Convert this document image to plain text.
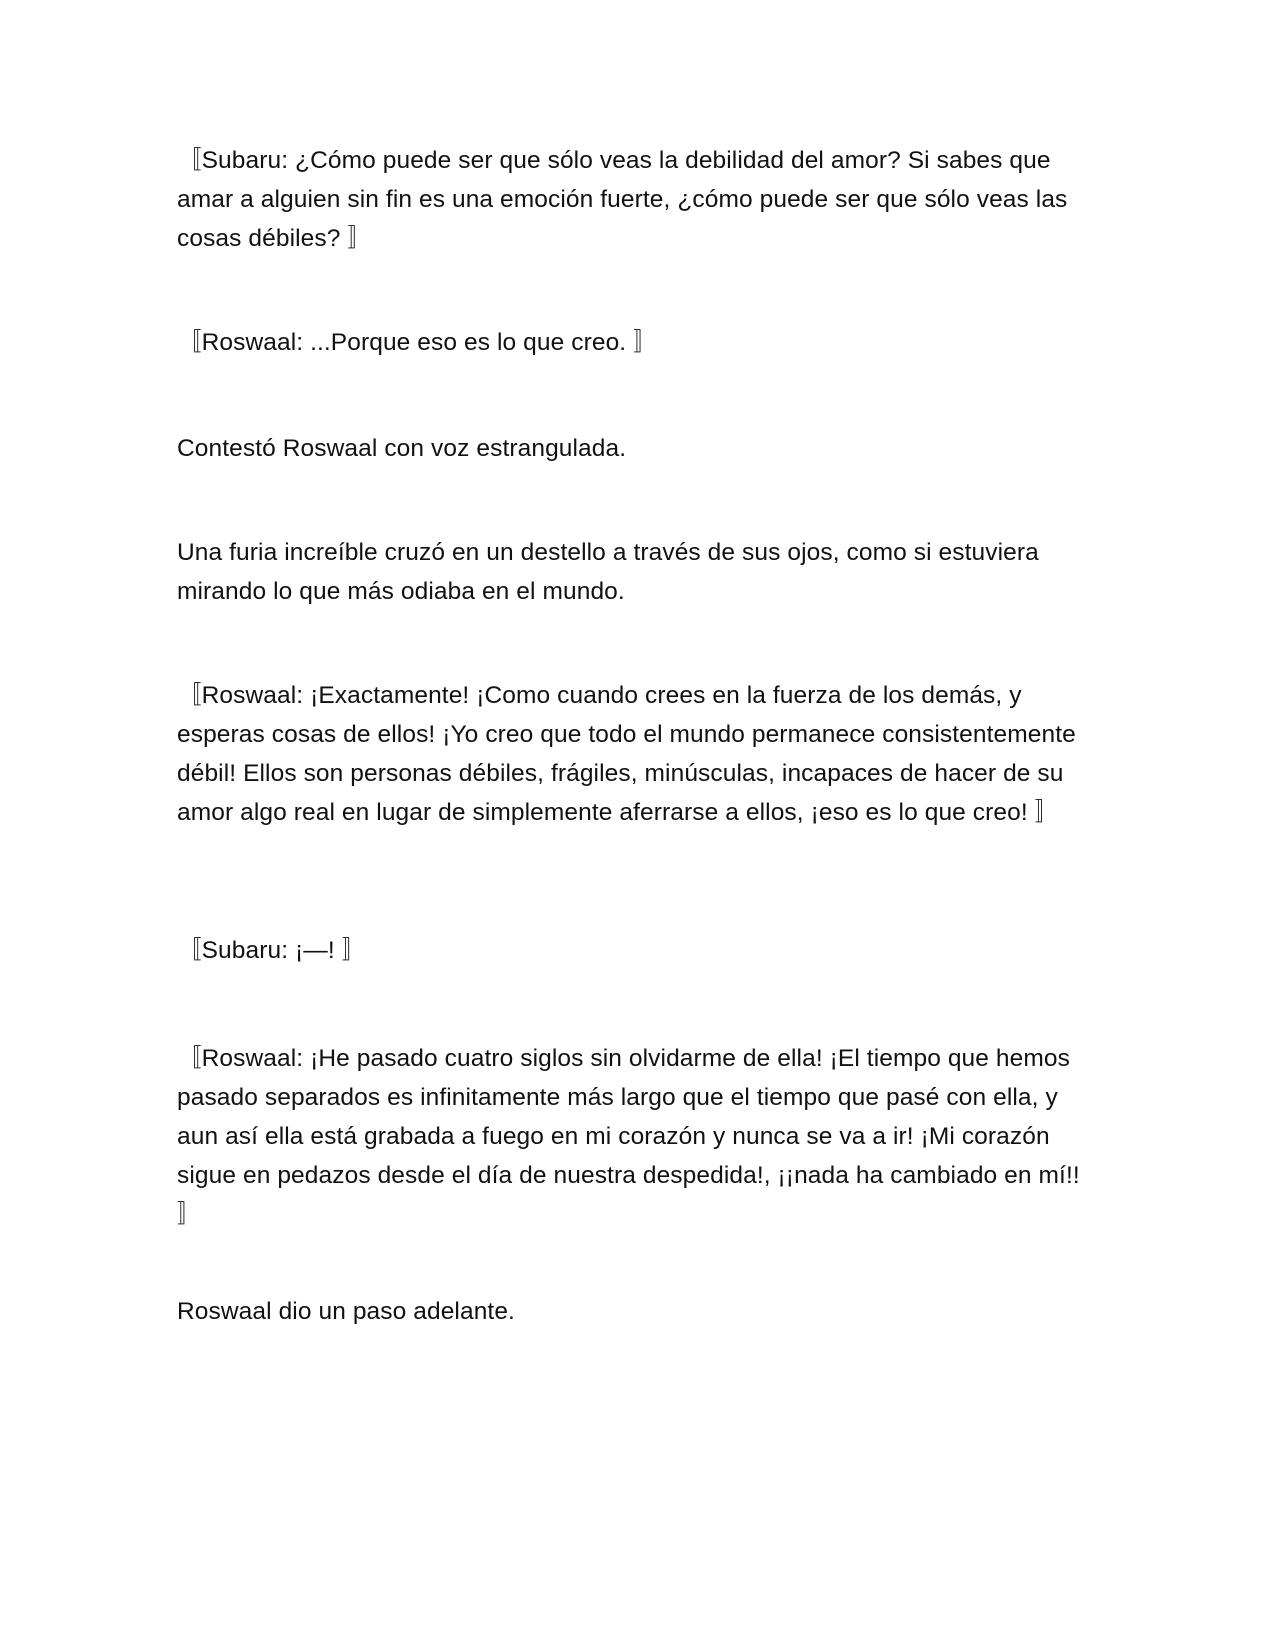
〚Subaru: ¿Cómo puede ser que sólo veas la debilidad del amor? Si sabes que amar a alguien sin fin es una emoción fuerte, ¿cómo puede ser que sólo veas las cosas débiles? 〛

〚Roswaal: ...Porque eso es lo que creo. 〛

Contestó Roswaal con voz estrangulada.

Una furia increíble cruzó en un destello a través de sus ojos, como si estuviera mirando lo que más odiaba en el mundo.

〚Roswaal: ¡Exactamente! ¡Como cuando crees en la fuerza de los demás, y esperas cosas de ellos! ¡Yo creo que todo el mundo permanece consistentemente débil! Ellos son personas débiles, frágiles, minúsculas, incapaces de hacer de su amor algo real en lugar de simplemente aferrarse a ellos, ¡eso es lo que creo! 〛

〚Subaru: ¡—! 〛

〚Roswaal: ¡He pasado cuatro siglos sin olvidarme de ella! ¡El tiempo que hemos pasado separados es infinitamente más largo que el tiempo que pasé con ella, y aun así ella está grabada a fuego en mi corazón y nunca se va a ir! ¡Mi corazón sigue en pedazos desde el día de nuestra despedida!, ¡¡nada ha cambiado en mí!! 〛

Roswaal dio un paso adelante.
